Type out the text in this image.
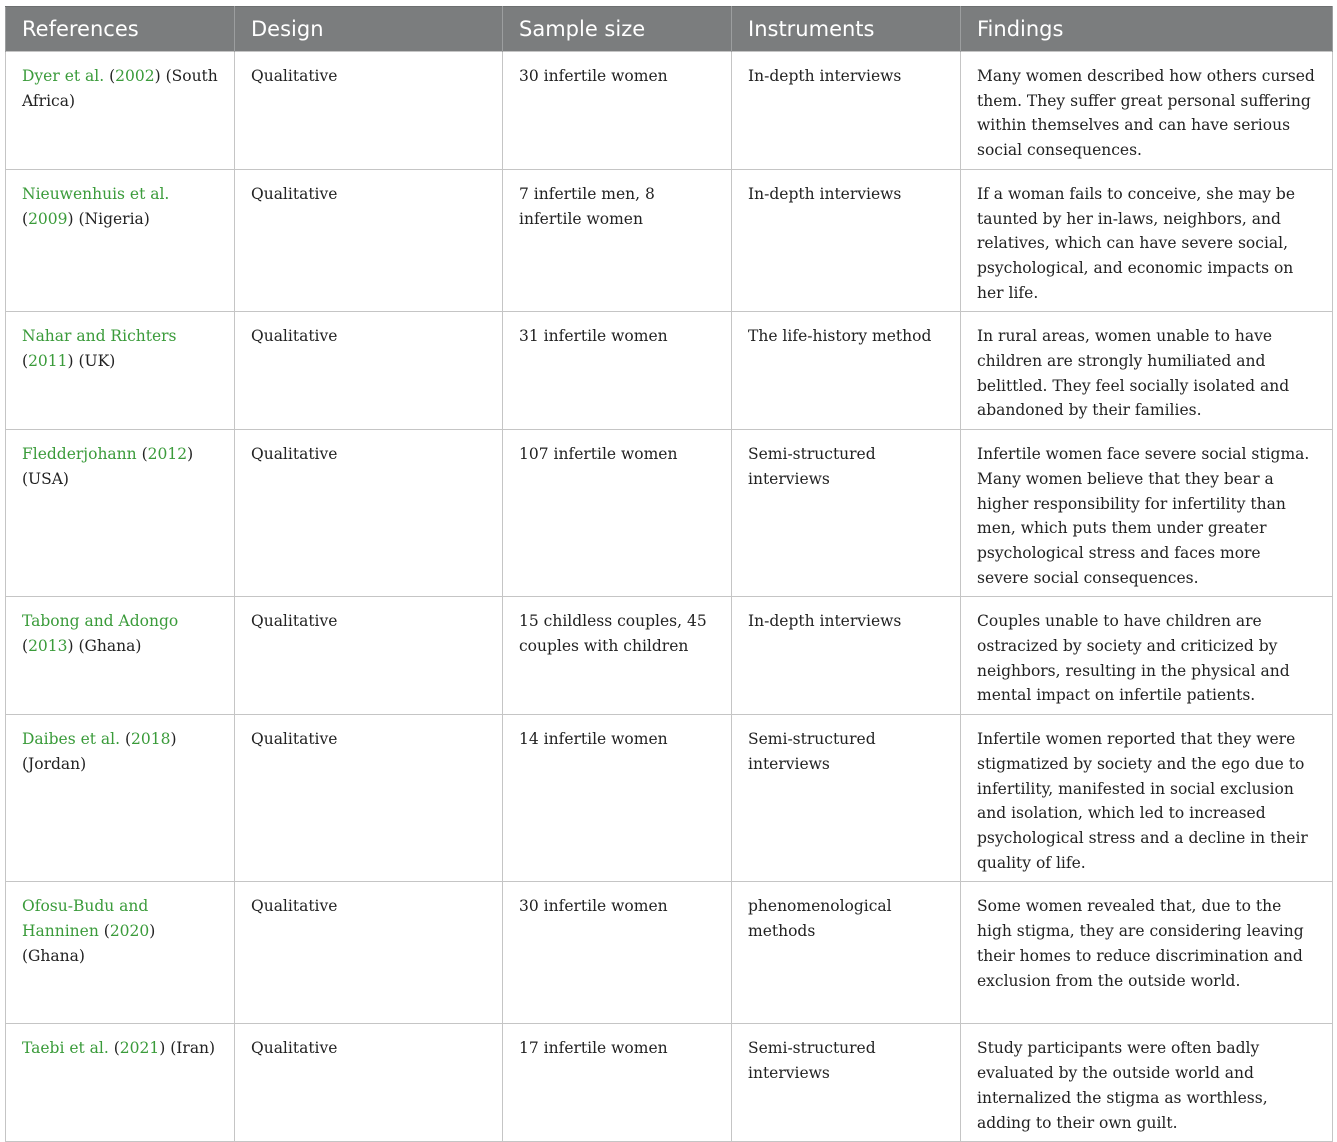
References	Design	Sample size	Instruments	Findings
Dyer et al. (2002) (South Africa)	Qualitative	30 infertile women	In-depth interviews	Many women described how others cursed them. They suffer great personal suffering within themselves and can have serious social consequences.
Nieuwenhuis et al. (2009) (Nigeria)	Qualitative	7 infertile men, 8 infertile women	In-depth interviews	If a woman fails to conceive, she may be taunted by her in-laws, neighbors, and relatives, which can have severe social, psychological, and economic impacts on her life.
Nahar and Richters (2011) (UK)	Qualitative	31 infertile women	The life-history method	In rural areas, women unable to have children are strongly humiliated and belittled. They feel socially isolated and abandoned by their families.
Fledderjohann (2012) (USA)	Qualitative	107 infertile women	Semi-structured interviews	Infertile women face severe social stigma. Many women believe that they bear a higher responsibility for infertility than men, which puts them under greater psychological stress and faces more severe social consequences.
Tabong and Adongo (2013) (Ghana)	Qualitative	15 childless couples, 45 couples with children	In-depth interviews	Couples unable to have children are ostracized by society and criticized by neighbors, resulting in the physical and mental impact on infertile patients.
Daibes et al. (2018) (Jordan)	Qualitative	14 infertile women	Semi-structured interviews	Infertile women reported that they were stigmatized by society and the ego due to infertility, manifested in social exclusion and isolation, which led to increased psychological stress and a decline in their quality of life.
Ofosu-Budu and Hanninen (2020) (Ghana)	Qualitative	30 infertile women	phenomenological methods	Some women revealed that, due to the high stigma, they are considering leaving their homes to reduce discrimination and exclusion from the outside world.
Taebi et al. (2021) (Iran)	Qualitative	17 infertile women	Semi-structured interviews	Study participants were often badly evaluated by the outside world and internalized the stigma as worthless, adding to their own guilt.
